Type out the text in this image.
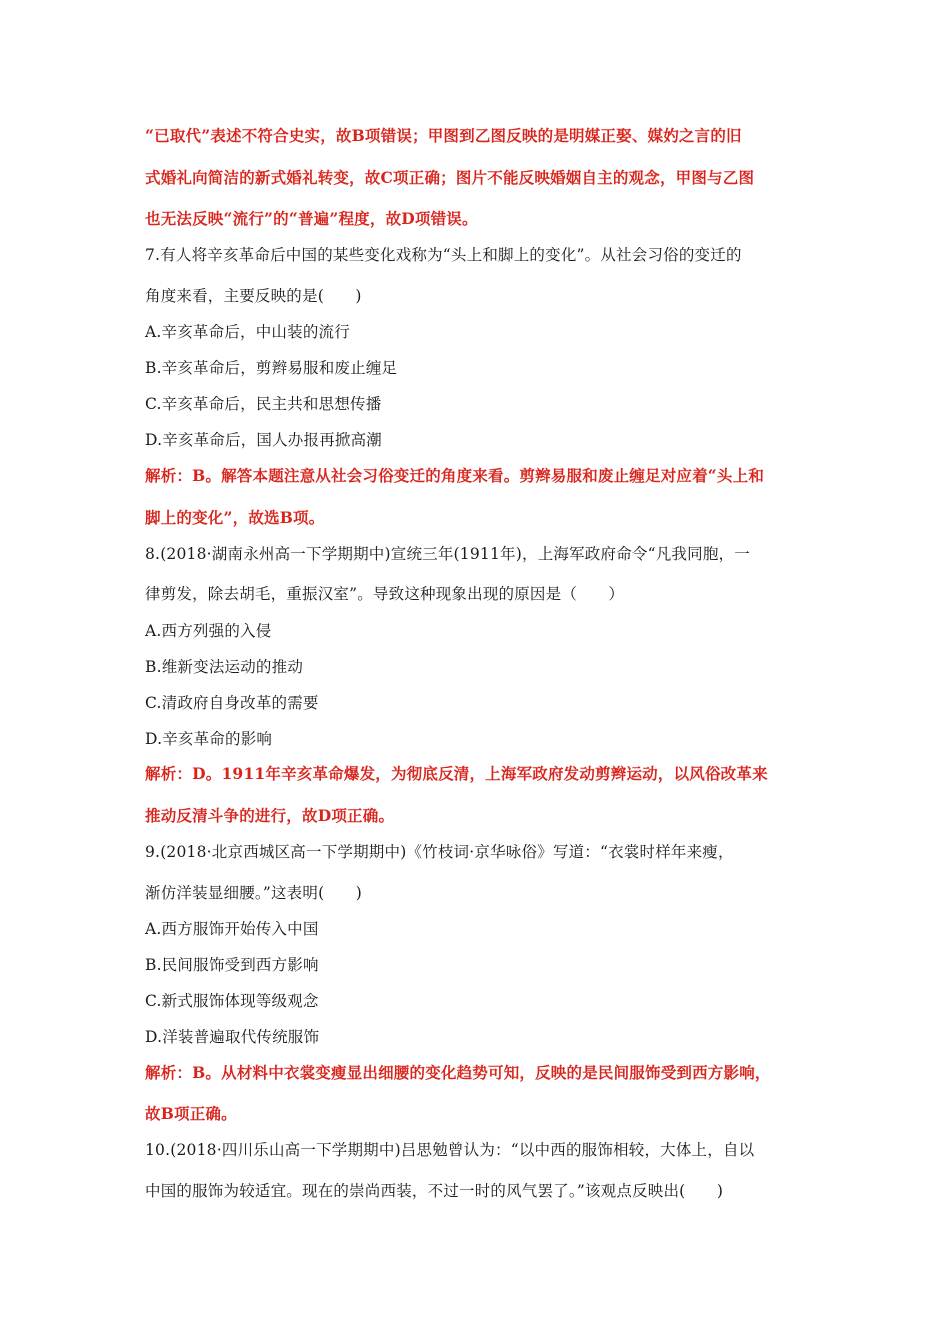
“已取代”表述不符合史实，故B项错误；甲图到乙图反映的是明媒正娶、媒妁之言的旧
式婚礼向简洁的新式婚礼转变，故C项正确；图片不能反映婚姻自主的观念，甲图与乙图
也无法反映“流行”的“普遍”程度，故D项错误。
7.有人将辛亥革命后中国的某些变化戏称为“头上和脚上的变化”。从社会习俗的变迁的
角度来看，主要反映的是(　　)
A.辛亥革命后，中山装的流行
B.辛亥革命后，剪辫易服和废止缠足
C.辛亥革命后，民主共和思想传播
D.辛亥革命后，国人办报再掀高潮
解析：B。解答本题注意从社会习俗变迁的角度来看。剪辫易服和废止缠足对应着“头上和
脚上的变化”，故选B项。
8.(2018·湖南永州高一下学期期中)宣统三年(1911年)，上海军政府命令“凡我同胞，一
律剪发，除去胡毛，重振汉室”。导致这种现象出现的原因是（　　）
A.西方列强的入侵
B.维新变法运动的推动
C.清政府自身改革的需要
D.辛亥革命的影响
解析：D。1911年辛亥革命爆发，为彻底反清，上海军政府发动剪辫运动，以风俗改革来
推动反清斗争的进行，故D项正确。
9.(2018·北京西城区高一下学期期中)《竹枝词·京华咏俗》写道：“衣裳时样年来瘦，
渐仿洋装显细腰。”这表明(　　)
A.西方服饰开始传入中国
B.民间服饰受到西方影响
C.新式服饰体现等级观念
D.洋装普遍取代传统服饰
解析：B。从材料中衣裳变瘦显出细腰的变化趋势可知，反映的是民间服饰受到西方影响，
故B项正确。
10.(2018·四川乐山高一下学期期中)吕思勉曾认为：“以中西的服饰相较，大体上，自以
中国的服饰为较适宜。现在的崇尚西装，不过一时的风气罢了。”该观点反映出(　　)
